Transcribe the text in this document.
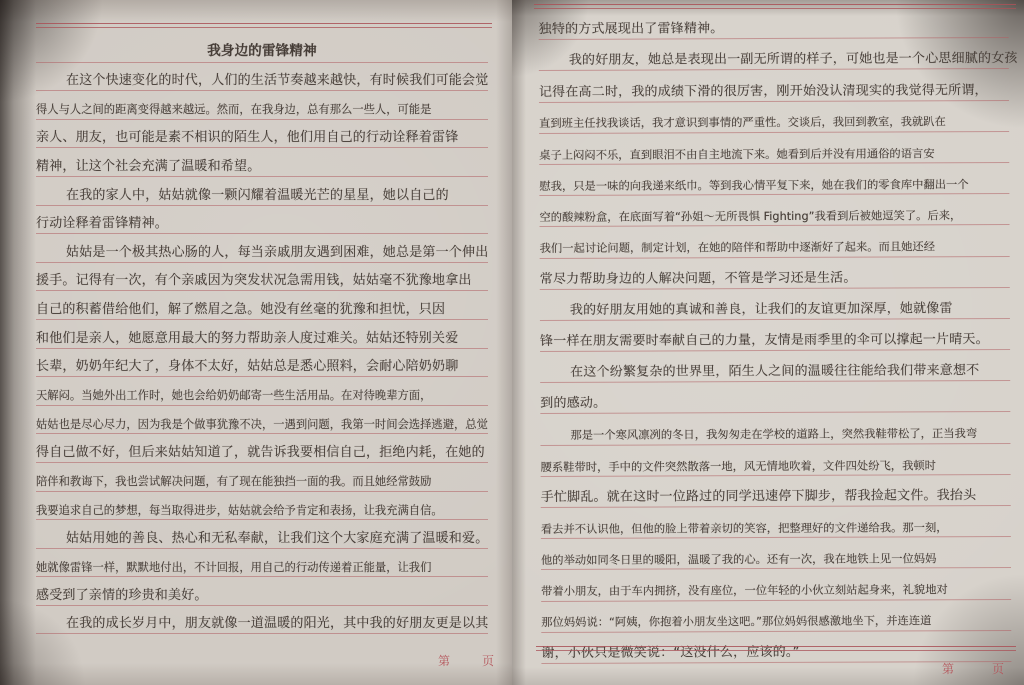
我身边的雷锋精神
在这个快速变化的时代，人们的生活节奏越来越快，有时候我们可能会觉
得人与人之间的距离变得越来越远。然而，在我身边，总有那么一些人，可能是
亲人、朋友，也可能是素不相识的陌生人，他们用自己的行动诠释着雷锋
精神，让这个社会充满了温暖和希望。
在我的家人中，姑姑就像一颗闪耀着温暖光芒的星星，她以自己的
行动诠释着雷锋精神。
姑姑是一个极其热心肠的人，每当亲戚朋友遇到困难，她总是第一个伸出
援手。记得有一次，有个亲戚因为突发状况急需用钱，姑姑毫不犹豫地拿出
自己的积蓄借给他们，解了燃眉之急。她没有丝毫的犹豫和担忧，只因
和他们是亲人，她愿意用最大的努力帮助亲人度过难关。姑姑还特别关爱
长辈，奶奶年纪大了，身体不太好，姑姑总是悉心照料，会耐心陪奶奶聊
天解闷。当她外出工作时，她也会给奶奶邮寄一些生活用品。在对待晚辈方面，
姑姑也是尽心尽力，因为我是个做事犹豫不决，一遇到问题，我第一时间会选择逃避，总觉
得自己做不好，但后来姑姑知道了，就告诉我要相信自己，拒绝内耗，在她的
陪伴和教诲下，我也尝试解决问题，有了现在能独挡一面的我。而且她经常鼓励
我要追求自己的梦想，每当取得进步，姑姑就会给予肯定和表扬，让我充满自信。
姑姑用她的善良、热心和无私奉献，让我们这个大家庭充满了温暖和爱。
她就像雷锋一样，默默地付出，不计回报，用自己的行动传递着正能量，让我们
感受到了亲情的珍贵和美好。
在我的成长岁月中，朋友就像一道温暖的阳光，其中我的好朋友更是以其
第	页
独特的方式展现出了雷锋精神。
我的好朋友，她总是表现出一副无所谓的样子，可她也是一个心思细腻的女孩
记得在高二时，我的成绩下滑的很厉害，刚开始没认清现实的我觉得无所谓，
直到班主任找我谈话，我才意识到事情的严重性。交谈后，我回到教室，我就趴在
桌子上闷闷不乐，直到眼泪不由自主地流下来。她看到后并没有用通俗的语言安
慰我，只是一味的向我递来纸巾。等到我心情平复下来，她在我们的零食库中翻出一个
空的酸辣粉盒，在底面写着“孙姐～无所畏惧 Fighting”我看到后被她逗笑了。后来，
我们一起讨论问题，制定计划，在她的陪伴和帮助中逐渐好了起来。而且她还经
常尽力帮助身边的人解决问题，不管是学习还是生活。
我的好朋友用她的真诚和善良，让我们的友谊更加深厚，她就像雷
锋一样在朋友需要时奉献自己的力量，友情是雨季里的伞可以撑起一片晴天。
在这个纷繁复杂的世界里，陌生人之间的温暖往往能给我们带来意想不
到的感动。
那是一个寒风凛冽的冬日，我匆匆走在学校的道路上，突然我鞋带松了，正当我弯
腰系鞋带时，手中的文件突然散落一地，风无情地吹着，文件四处纷飞，我顿时
手忙脚乱。就在这时一位路过的同学迅速停下脚步，帮我捡起文件。我抬头
看去并不认识他，但他的脸上带着亲切的笑容，把整理好的文件递给我。那一刻，
他的举动如同冬日里的暖阳，温暖了我的心。还有一次，我在地铁上见一位妈妈
带着小朋友，由于车内拥挤，没有座位，一位年轻的小伙立刻站起身来，礼貌地对
那位妈妈说：“阿姨，你抱着小朋友坐这吧。”那位妈妈很感激地坐下，并连连道
谢，小伙只是微笑说：“这没什么，应该的。”
第	页
